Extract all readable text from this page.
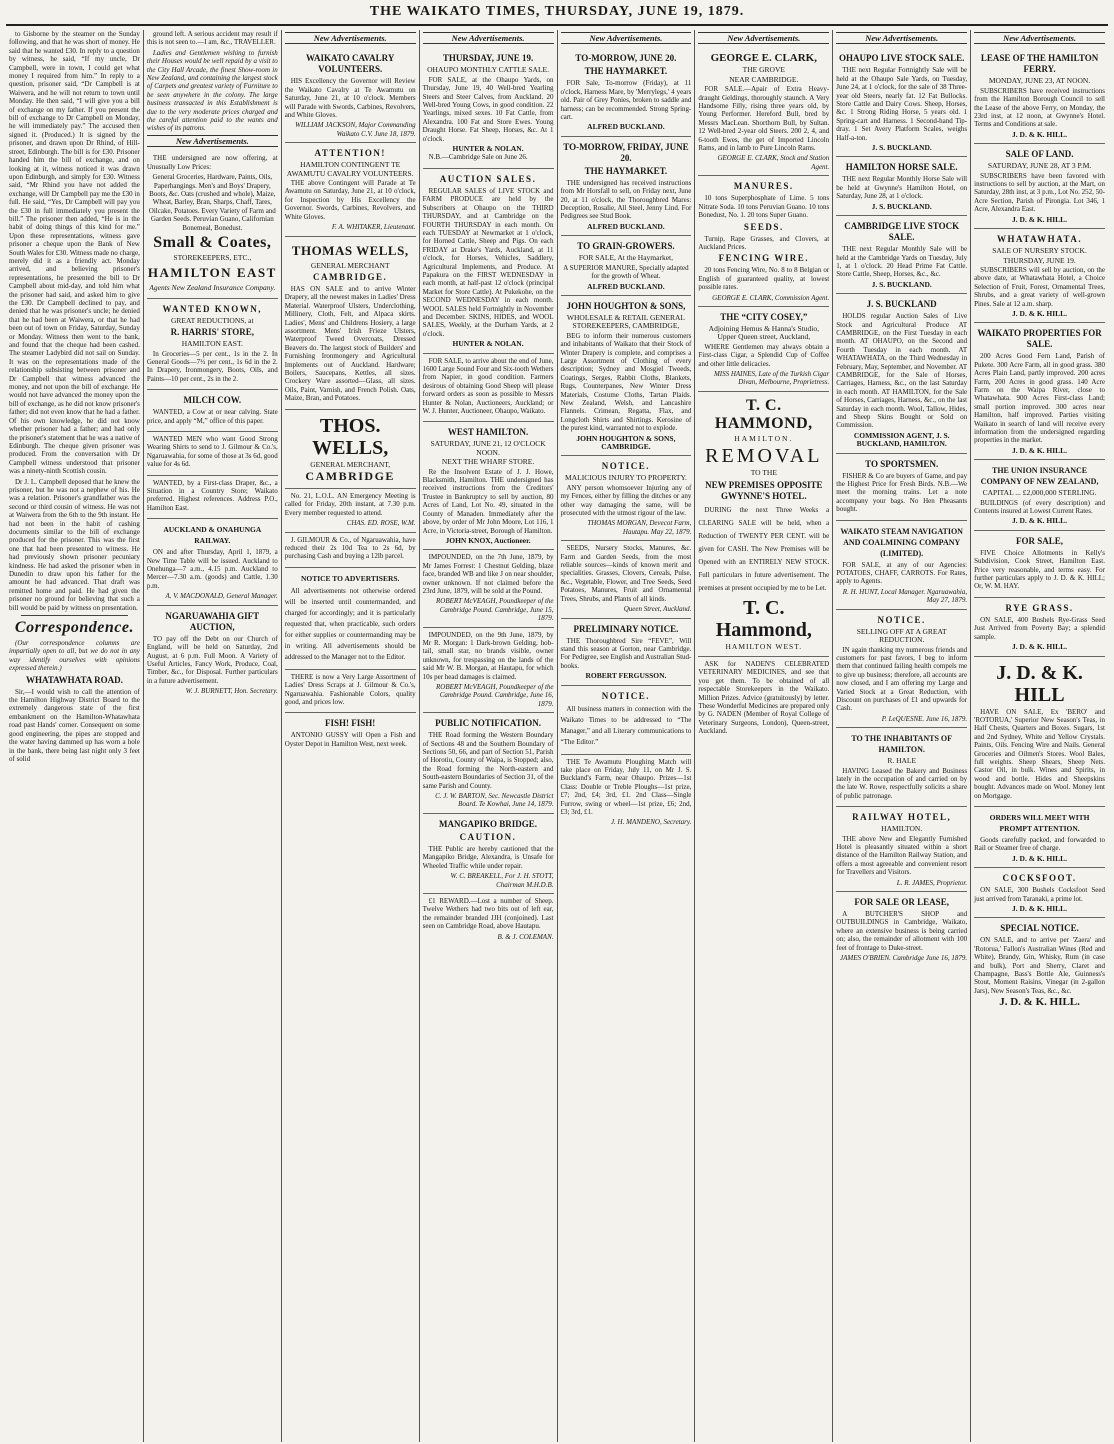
THE WAIKATO TIMES, THURSDAY, JUNE 19, 1879.

to Gisborne by the steamer on the Sunday following, and that he was short of money. He said that he wanted £30. In reply to a question by witness, he said, “If my uncle, Dr Campbell, were in town, I could get what money I required from him.” In reply to a question, prisoner said, “Dr Campbell is at Waiwera, and he will not return to town until Monday. He then said, “I will give you a bill of exchange on my father. If you present the bill of exchange to Dr Campbell on Monday, he will immediately pay.” The accused then signed it. (Produced.) It is signed by the prisoner, and drawn upon Dr Rhind, of Hill-street, Edinburgh. The bill is for £30. Prisoner handed him the bill of exchange, and on looking at it, witness noticed it was drawn upon Edinburgh, and simply for £30. Witness said, “Mr Rhind you have not added the exchange, will Dr Campbell pay me the £30 in full. He said, “Yes, Dr Campbell will pay you the £30 in full immediately you present the bill.” The prisoner then added, “He is in the habit of doing things of this kind for me.” Upon these representations, witness gave prisoner a cheque upon the Bank of New South Wales for £30. Witness made no charge, merely did it as a friendly act. Monday arrived, and believing prisoner's representations, he presented the bill to Dr Campbell about mid-day, and told him what the prisoner had said, and asked him to give the £30. Dr Campbell declined to pay, and denied that he was prisoner's uncle; he denied that he had been at Waiwera, or that he had been out of town on Friday, Saturday, Sunday or Monday. Witness then went to the bank, and found that the cheque had been cashed. The steamer Ladybird did not sail on Sunday. It was on the representations made of the relationship subsisting between prisoner and Dr Campbell that witness advanced the money, and not upon the bill of exchange. He would not have advanced the money upon the bill of exchange, as he did not know prisoner's father; did not even know that he had a father. Of his own knowledge, he did not know whether prisoner had a father; and had only the prisoner's statement that he was a native of Edinburgh. The cheque given prisoner was produced. From the conversation with Dr Campbell witness understood that prisoner was a ninety-ninth Scottish cousin.

Dr J. L. Campbell deposed that he knew the prisoner, but he was not a nephew of his. He was a relation. Prisoner's grandfather was the second or third cousin of witness. He was not at Waiwera from the 6th to the 9th instant. He had not been in the habit of cashing documents similar to the bill of exchange produced for the prisoner. This was the first one that had been presented to witness. He had previously shown prisoner pecuniary kindness. He had asked the prisoner when in Dunedin to draw upon his father for the amount he had advanced. That draft was remitted home and paid. He had given the prisoner no ground for believing that such a bill would be paid by witness on presentation.

Correspondence.

(Our correspondence columns are impartially open to all, but we do not in any way identify ourselves with opinions expressed therein.)

WHATAWHATA ROAD.

Sir,—I would wish to call the attention of the Hamilton Highway District Board to the extremely dangerous state of the first embankment on the Hamilton-Whatawhata road past Hands' corner. Consequent on some good engineering, the pipes are stopped and the water having dammed up has worn a hole in the bank, there being last night only 3 feet of solid

ground left. A serious accident may result if this is not seen to.—I am, &c., TRAVELLER.

Ladies and Gentlemen wishing to furnish their Houses would be well repaid by a visit to the City Hall Arcade, the finest Show-room in New Zealand, and containing the largest stock of Carpets and greatest variety of Furniture to be seen anywhere in the colony. The large business transacted in this Establishment is due to the very moderate prices charged and the careful attention paid to the wants and wishes of its patrons.

New Advertisements.

THE undersigned are now offering, at Unusually Low Prices:

General Groceries, Hardware, Paints, Oils, Paperhangings. Men's and Boys' Drapery, Boots, &c. Oats (crushed and whole), Maize, Wheat, Barley, Bran, Sharps, Chaff, Tares, Oilcake, Potatoes. Every Variety of Farm and Garden Seeds. Peruvian Guano, Californian Bonemeal, Bonedust.

Small & Coates,
STOREKEEPERS, ETC.,
HAMILTON EAST
Agents New Zealand Insurance Company.
WANTED KNOWN,
GREAT REDUCTIONS, at
R. HARRIS' STORE,
HAMILTON EAST.

In Groceries—5 per cent., 1s in the 2. In General Goods—7½ per cent., 1s 6d in the 2. In Drapery, Ironmongery, Boots, Oils, and Paints—10 per cent., 2s in the 2.

MILCH COW.

WANTED, a Cow at or near calving. State price, and apply “M,” office of this paper.

WANTED MEN who want Good Strong Wearing Shirts to send to J. Gilmour & Co.'s, Ngaruawahia, for some of those at 3s 6d, good value for 4s 6d.

WANTED, by a First-class Draper, &c., a Situation in a Country Store; Waikato preferred. Highest references. Address P.O., Hamilton East.

AUCKLAND & ONAHUNGA RAILWAY.

ON and after Thursday, April 1, 1879, a New Time Table will be issued. Auckland to Onehunga—7 a.m., 4.15 p.m. Auckland to Mercer—7.30 a.m. (goods) and Cattle, 1.30 p.m.

A. V. MACDONALD, General Manager.
NGARUAWAHIA GIFT AUCTION,

TO pay off the Debt on our Church of England, will be held on Saturday, 2nd August, at 6 p.m. Full Moon. A Variety of Useful Articles, Fancy Work, Produce, Coal, Timber, &c., for Disposal. Further particulars in a future advertisement.

W. J. BURNETT, Hon. Secretary.
New Advertisements.
WAIKATO CAVALRY VOLUNTEERS.

HIS Excellency the Governor will Review the Waikato Cavalry at Te Awamutu on Saturday, June 21, at 10 o'clock. Members will Parade with Swords, Carbines, Revolvers, and White Gloves.

WILLIAM JACKSON, Major Commanding Waikato C.V. June 18, 1879.
ATTENTION!
HAMILTON CONTINGENT TE AWAMUTU CAVALRY VOLUNTEERS.

THE above Contingent will Parade at Te Awamutu on Saturday, June 21, at 10 o'clock, for Inspection by His Excellency the Governor. Swords, Carbines, Revolvers, and White Gloves.

F. A. WHITAKER, Lieutenant.
THOMAS WELLS,
GENERAL MERCHANT
CAMBRIDGE.

HAS ON SALE and to arrive Winter Drapery, all the newest makes in Ladies' Dress Material. Waterproof Ulsters, Underclothing, Millinery, Cloth, Felt, and Alpaca skirts. Ladies', Mens' and Childrens Hosiery, a large assortment. Mens' Irish Frieze Ulsters, Waterproof Tweed Overcoats, Dressed Beavers do. The largest stock of Builders' and Furnishing Ironmongery and Agricultural Implements out of Auckland. Hardware; Boilers, Saucepans, Kettles, all sizes. Crockery Ware assorted—Glass, all sizes. Oils, Paint, Varnish, and French Polish. Oats, Maize, Bran, and Potatoes.

THOS. WELLS,
GENERAL MERCHANT,
CAMBRIDGE

No. 21, L.O.L. AN Emergency Meeting is called for Friday, 20th instant, at 7.30 p.m. Every member requested to attend.

CHAS. ED. ROSE, W.M.

J. GILMOUR & Co., of Ngaruawahia, have reduced their 2s 10d Tea to 2s 6d, by purchasing Cash and buying a 12lb parcel.

NOTICE TO ADVERTISERS.

All advertisements not otherwise ordered will be inserted until countermanded, and charged for accordingly; and it is particularly requested that, when practicable, such orders for either supplies or countermanding may be in writing. All advertisements should be addressed to the Manager not to the Editor.

THERE is now a Very Large Assortment of Ladies' Dress Scraps at J. Gilmour & Co.'s, Ngaruawahia. Fashionable Colors, quality good, and prices low.

FISH! FISH!

ANTONIO GUSSY will Open a Fish and Oyster Depot in Hamilton West, next week.

New Advertisements.
THURSDAY, JUNE 19.
OHAUPO MONTHLY CATTLE SALE.

FOR SALE, at the Ohaupo Yards, on Thursday, June 19, 40 Well-bred Yearling Steers and Steer Calves, from Auckland. 20 Well-bred Young Cows, in good condition. 22 Yearlings, mixed sexes. 10 Fat Cattle, from Alexandra. 100 Fat and Store Ewes. Young Draught Horse. Fat Sheep, Horses, &c. At 1 o'clock.

HUNTER & NOLAN.

N.B.—Cambridge Sale on June 26.

AUCTION SALES.

REGULAR SALES of LIVE STOCK and FARM PRODUCE are held by the Subscribers at Ohaupo on the THIRD THURSDAY, and at Cambridge on the FOURTH THURSDAY in each month. On each TUESDAY at Newmarket at 1 o'clock, for Horned Cattle, Sheep and Pigs. On each FRIDAY at Drake's Yards, Auckland, at 11 o'clock, for Horses, Vehicles, Saddlery, Agricultural Implements, and Produce. At Papakura on the FIRST WEDNESDAY in each month, at half-past 12 o'clock (principal Market for Store Cattle). At Pukekohe, on the SECOND WEDNESDAY in each month. WOOL SALES held Fortnightly in November and December. SKINS, HIDES, and WOOL SALES, Weekly, at the Durham Yards, at 2 o'clock.

HUNTER & NOLAN.

FOR SALE, to arrive about the end of June, 1600 Large Sound Four and Six-tooth Wethers from Napier, in good condition. Farmers desirous of obtaining Good Sheep will please forward orders as soon as possible to Messrs Hunter & Nolan, Auctioneers, Auckland; or W. J. Hunter, Auctioneer, Ohaupo, Waikato.

WEST HAMILTON.
SATURDAY, JUNE 21, 12 O'CLOCK NOON.
NEXT THE WHARF STORE.

Re the Insolvent Estate of J. J. Howe, Blacksmith, Hamilton. THE undersigned has received instructions from the Creditors' Trustee in Bankruptcy to sell by auction, 80 Acres of Land, Lot No. 49, situated in the County of Manaden. Immediately after the above, by order of Mr John Moore, Lot 116, 1 Acre, in Victoria-street, Borough of Hamilton.

JOHN KNOX, Auctioneer.

IMPOUNDED, on the 7th June, 1879, by Mr James Forrest: 1 Chestnut Gelding, blaze face, branded WB and like J on near shoulder, owner unknown. If not claimed before the 23rd June, 1879, will be sold at the Pound.

ROBERT McVEAGH, Poundkeeper of the Cambridge Pound. Cambridge, June 15, 1879.

IMPOUNDED, on the 9th June, 1879, by Mr R. Morgan: 1 Dark-brown Gelding, hob-tail, small star, no brands visible, owner unknown, for trespassing on the lands of the said Mr W. B. Morgan, at Hautapu, for which 10s per head damages is claimed.

ROBERT McVEAGH, Poundkeeper of the Cambridge Pound. Cambridge, June 16, 1879.
PUBLIC NOTIFICATION.

THE Road forming the Western Boundary of Sections 48 and the Southern Boundary of Sections 50, 66, and part of Section 51, Parish of Horotiu, County of Waipa, is Stopped; also, the Road forming the North-eastern and South-eastern Boundaries of Section 31, of the same Parish and County.

C. J. W. BARTON, Sec. Newcastle District Board. Te Kowhai, June 14, 1879.
MANGAPIKO BRIDGE.
CAUTION.

THE Public are hereby cautioned that the Mangapiko Bridge, Alexandra, is Unsafe for Wheeled Traffic while under repair.

W. C. BREAKELL, For J. H. STOTT, Chairman M.H.D.B.

£1 REWARD.—Lost a number of Sheep. Twelve Wethers had two bits out of left ear, the remainder branded JJH (conjoined). Last seen on Cambridge Road, above Hautapu.

B. & J. COLEMAN.
New Advertisements.
TO-MORROW, JUNE 20.
THE HAYMARKET.

FOR Sale, To-morrow (Friday), at 11 o'clock, Harness Mare, by 'Merrylegs,' 4 years old. Pair of Grey Ponies, broken to saddle and harness; can be recommended. Strong Spring-cart.

ALFRED BUCKLAND.
TO-MORROW, FRIDAY, JUNE 20.
THE HAYMARKET.

THE undersigned has received instructions from Mr Horsfall to sell, on Friday next, June 20, at 11 o'clock, the Thoroughbred Mares: Deception, Rosalie, All Steel, Jenny Lind. For Pedigrees see Stud Book.

ALFRED BUCKLAND.
TO GRAIN-GROWERS.
FOR SALE, At the Haymarket,

A SUPERIOR MANURE, Specially adapted for the growth of Wheat.

ALFRED BUCKLAND.
JOHN HOUGHTON & SONS,
WHOLESALE & RETAIL GENERAL STOREKEEPERS, CAMBRIDGE,

BEG to inform their numerous customers and inhabitants of Waikato that their Stock of Winter Drapery is complete, and comprises a Large Assortment of Clothing of every description; Sydney and Mosgiel Tweeds, Coatings, Serges, Rabbit Cloths, Blankets, Rugs, Counterpanes, New Winter Dress Materials, Costume Cloths, Tartan Plaids. New Zealand, Welsh, and Lancashire Flannels. Crimean, Regatta, Flax, and Longcloth Shirts and Shirtings. Kerosine of the purest kind, warranted not to explode.

JOHN HOUGHTON & SONS, CAMBRIDGE.
NOTICE.
MALICIOUS INJURY TO PROPERTY.

ANY person whomsoever Injuring any of my Fences, either by filling the ditches or any other way damaging the same, will be prosecuted with the utmost rigour of the law.

THOMAS MORGAN, Devecot Farm, Hautapu. May 22, 1879.

SEEDS, Nursery Stocks, Manures, &c. Farm and Garden Seeds, from the most reliable sources—kinds of known merit and specialities. Grasses, Clovers, Cereals, Pulse, &c., Vegetable, Flower, and Tree Seeds, Seed Potatoes, Manures, Fruit and Ornamental Trees, Shrubs, and Plants of all kinds.

Queen Street, Auckland.
PRELIMINARY NOTICE.

THE Thoroughbred Sire “FEVE”, Will stand this season at Gorton, near Cambridge. For Pedigree, see English and Australian Stud-books.

ROBERT FERGUSSON.
NOTICE.

All business matters in connection with the Waikato Times to be addressed to “The Manager,” and all Literary communications to “The Editor.”

THE Te Awamutu Ploughing Match will take place on Friday, July 11, on Mr J. S. Buckland's Farm, near Ohaupo. Prizes—1st Class: Double or Treble Ploughs—1st prize, £7; 2nd, £4; 3rd, £1. 2nd Class—Single Furrow, swing or wheel—1st prize, £6; 2nd, £3; 3rd, £1.

J. H. MANDENO, Secretary.
New Advertisements.
GEORGE E. CLARK,
THE GROVE
NEAR CAMBRIDGE.

FOR SALE.—Apair of Extra Heavy-draught Geldings, thoroughly staunch. A Very Handsome Filly, rising three years old, by Young Performer. Hereford Bull, bred by Messrs MacLean. Shorthorn Bull, by Sultan. 12 Well-bred 2-year old Steers. 200 2, 4, and 6-tooth Ewes, the get of Imported Lincoln Rams, and in lamb to Pure Lincoln Rams.

GEORGE E. CLARK, Stock and Station Agent.
MANURES.

10 tons Superphosphate of Lime. 5 tons Nitrate Soda. 10 tons Peruvian Guano. 10 tons Bonedust, No. 1. 20 tons Super Guano.

SEEDS.

Turnip, Rape Grasses, and Clovers, at Auckland Prices.

FENCING WIRE.

20 tons Fencing Wire, No. 8 to 8 Belgian or English of guaranteed quality, at lowest possible rates.

GEORGE E. CLARK, Commission Agent.
THE “CITY COSEY,”
Adjoining Hemus & Hanna's Studio, Upper Queen street, Auckland,

WHERE Gentlemen may always obtain a First-class Cigar, a Splendid Cup of Coffee and other little delicacies.

MISS HAINES, Late of the Turkish Cigar Divan, Melbourne, Proprietress.
T. C. HAMMOND,
HAMILTON.
REMOVAL
TO THE
NEW PREMISES OPPOSITE GWYNNE'S HOTEL.

DURING the next Three Weeks a CLEARING SALE will be held, when a Reduction of TWENTY PER CENT. will be given for CASH. The New Premises will be Opened with an ENTIRELY NEW STOCK. Full particulars in future advertisement. The premises at present occupied by me to be Let.

T. C. Hammond,
HAMILTON WEST.

ASK for NADEN'S CELEBRATED VETERINARY MEDICINES, and see that you get them. To be obtained of all respectable Storekeepers in the Waikato. Million Prizes. Advice (gratuitously) by letter. These Wonderful Medicines are prepared only by G. NADEN (Member of Royal College of Veterinary Surgeons, London), Queen-street, Auckland.

New Advertisements.
OHAUPO LIVE STOCK SALE.

THE next Regular Fortnightly Sale will be held at the Ohaupo Sale Yards, on Tuesday, June 24, at 1 o'clock, for the sale of 38 Three-year old Steers, nearly fat. 12 Fat Bullocks. Store Cattle and Dairy Cows. Sheep, Horses, &c. 1 Strong Riding Horse, 5 years old. 1 Spring-cart and Harness. 1 Second-hand Tip-dray. 1 Set Avery Platform Scales, weighs Half-a-ton.

J. S. BUCKLAND.
HAMILTON HORSE SALE.

THE next Regular Monthly Horse Sale will be held at Gwynne's Hamilton Hotel, on Saturday, June 28, at 1 o'clock.

J. S. BUCKLAND.
CAMBRIDGE LIVE STOCK SALE.

THE next Regular Monthly Sale will be held at the Cambridge Yards on Tuesday, July 1, at 1 o'clock. 20 Head Prime Fat Cattle. Store Cattle, Sheep, Horses, &c., &c.

J. S. BUCKLAND.
J. S. BUCKLAND

HOLDS regular Auction Sales of Live Stock and Agricultural Produce AT CAMBRIDGE, on the First Tuesday in each month. AT OHAUPO, on the Second and Fourth Tuesday in each month. AT WHATAWHATA, on the Third Wednesday in February, May, September, and November. AT CAMBRIDGE, for the Sale of Horses, Carriages, Harness, &c., on the last Saturday in each month. AT HAMILTON, for the Sale of Horses, Carriages, Harness, &c., on the last Saturday in each month. Wool, Tallow, Hides, and Sheep Skins Bought or Sold on Commission.

COMMISSION AGENT, J. S. BUCKLAND, HAMILTON.
TO SPORTSMEN.

FISHER & Co are buyers of Game, and pay the Highest Price for Fresh Birds. N.B.—We meet the morning trains. Let a note accompany your bags. No Hen Pheasants bought.

WAIKATO STEAM NAVIGATION AND COALMINING COMPANY (LIMITED).

FOR SALE, at any of our Agencies: POTATOES, CHAFF, CARROTS. For Rates, apply to Agents.

R. H. HUNT, Local Manager. Ngaruawahia, May 27, 1879.
NOTICE.
SELLING OFF AT A GREAT REDUCTION.

IN again thanking my numerous friends and customers for past favors, I beg to inform them that continued failing health compels me to give up business; therefore, all accounts are now closed, and I am offering my Large and Varied Stock at a Great Reduction, with Discount on purchases of £1 and upwards for Cash.

P. LeQUESNE. June 16, 1879.
TO THE INHABITANTS OF HAMILTON.
R. HALE

HAVING Leased the Bakery and Business lately in the occupation of and carried on by the late W. Rowe, respectfully solicits a share of public patronage.

RAILWAY HOTEL,
HAMILTON.

THE above New and Elegantly Furnished Hotel is pleasantly situated within a short distance of the Hamilton Railway Station, and offers a most agreeable and convenient resort for Travellers and Visitors.

L. R. JAMES, Proprietor.
FOR SALE OR LEASE,

A BUTCHER'S SHOP and OUTBUILDINGS in Cambridge, Waikato, where an extensive business is being carried on; also, the remainder of allotment with 100 feet of frontage to Duke-street.

JAMES O'BRIEN. Cambridge June 16, 1879.
New Advertisements.
LEASE OF THE HAMILTON FERRY.
MONDAY, JUNE 23, AT NOON.

SUBSCRIBERS have received instructions from the Hamilton Borough Council to sell the Lease of the above Ferry, on Monday, the 23rd inst, at 12 noon, at Gwynne's Hotel. Terms and Conditions at sale.

J. D. & K. HILL.
SALE OF LAND.
SATURDAY, JUNE 28, AT 3 P.M.

SUBSCRIBERS have been favored with instructions to sell by auction, at the Mart, on Saturday, 28th inst, at 3 p.m., Lot No. 252, 50-Acre Section, Parish of Pirongia. Lot 346, 1 Acre, Alexandra East.

J. D. & K. HILL.
WHATAWHATA.
SALE OF NURSERY STOCK.
THURSDAY, JUNE 19.

SUBSCRIBERS will sell by auction, on the above date, at Whatawhata Hotel, a Choice Selection of Fruit, Forest, Ornamental Trees, Shrubs, and a great variety of well-grown Pines. Sale at 12 a.m. sharp.

J. D. & K. HILL.
WAIKATO PROPERTIES FOR SALE.

200 Acres Good Fern Land, Parish of Pukete. 300 Acre Farm, all in good grass. 380 Acres Plain Land, partly improved. 200 acres Farm, 200 Acres in good grass. 140 Acre Farm on the Waipa River, close to Whatawhata. 900 Acres First-class Land; small portion improved. 300 acres near Hamilton, half improved. Parties visiting Waikato in search of land will receive every information from the undersigned regarding properties in the market.

J. D. & K. HILL.
THE UNION INSURANCE COMPANY OF NEW ZEALAND,
CAPITAL ... £2,000,000 STERLING.

BUILDINGS (of every description) and Contents insured at Lowest Current Rates.

J. D. & K. HILL.
FOR SALE,

FIVE Choice Allotments in Kelly's Subdivision, Cook Street, Hamilton East. Price very reasonable, and terms easy. For further particulars apply to J. D. & K. HILL; Or, W. M. HAY.

RYE GRASS.

ON SALE, 400 Bushels Rye-Grass Seed Just Arrived from Poverty Bay; a splendid sample.

J. D. & K. HILL.
J. D. & K. HILL

HAVE ON SALE, Ex 'BERO' and 'ROTORUA,' Superior New Season's Teas, in Half Chests, Quarters and Boxes. Sugars, 1st and 2nd Sydney, White and Yellow Crystals. Paints, Oils. Fencing Wire and Nails. General Groceries and Oilmen's Stores. Wool Bales, full weights. Sheep Shears, Sheep Nets. Castor Oil, in bulk. Wines and Spirits, in wood and bottle. Hides and Sheepskins bought. Advances made on Wool. Money lent on Mortgage.

ORDERS WILL MEET WITH PROMPT ATTENTION.

Goods carefully packed, and forwarded to Rail or Steamer free of charge.

J. D. & K. HILL.
COCKSFOOT.

ON SALE, 300 Bushels Cocksfoot Seed just arrived from Taranaki, a prime lot.

J. D. & K. HILL.
SPECIAL NOTICE.

ON SALE, and to arrive per 'Zaera' and 'Rotorua,' Fallon's Australian Wines (Red and White), Brandy, Gin, Whisky, Rum (in case and bulk), Port and Sherry, Claret and Champagne, Bass's Bottle Ale, Guinness's Stout, Moment Raisins, Vinegar (in 2-gallon Jars), New Season's Teas, &c., &c.

J. D. & K. HILL.
